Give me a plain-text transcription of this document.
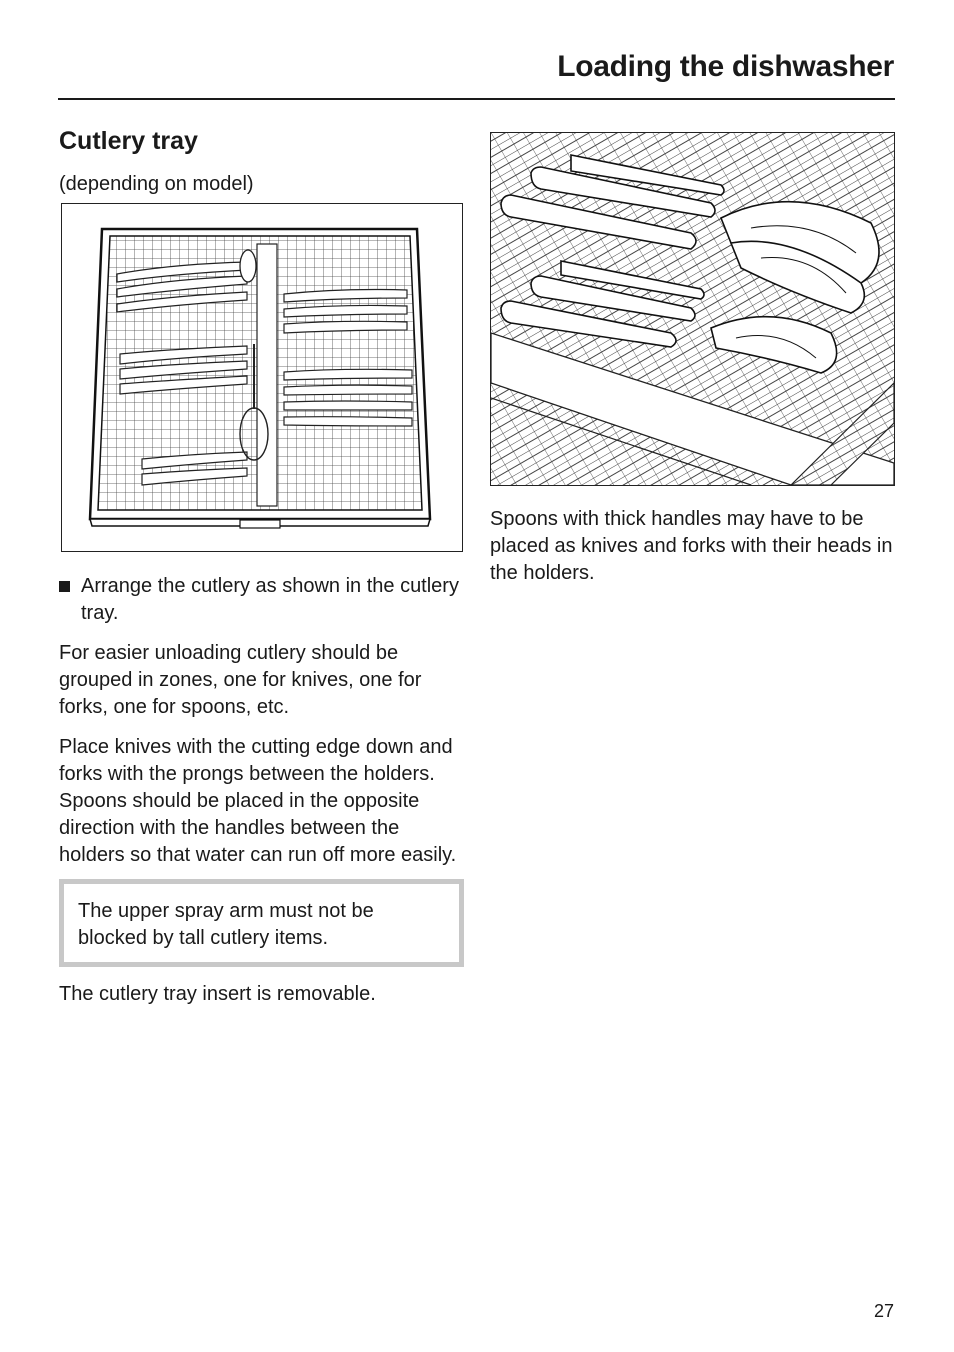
Loading the dishwasher
Cutlery tray

(depending on model)

Arrange the cutlery as shown in the cutlery tray.

For easier unloading cutlery should be grouped in zones, one for knives, one for forks, one for spoons, etc.

Place knives with the cutting edge down and forks with the prongs between the holders. Spoons should be placed in the opposite direction with the handles between the holders so that water can run off more easily.

The upper spray arm must not be blocked by tall cutlery items.

The cutlery tray insert is removable.

Spoons with thick handles may have to be placed as knives and forks with their heads in the holders.

27
